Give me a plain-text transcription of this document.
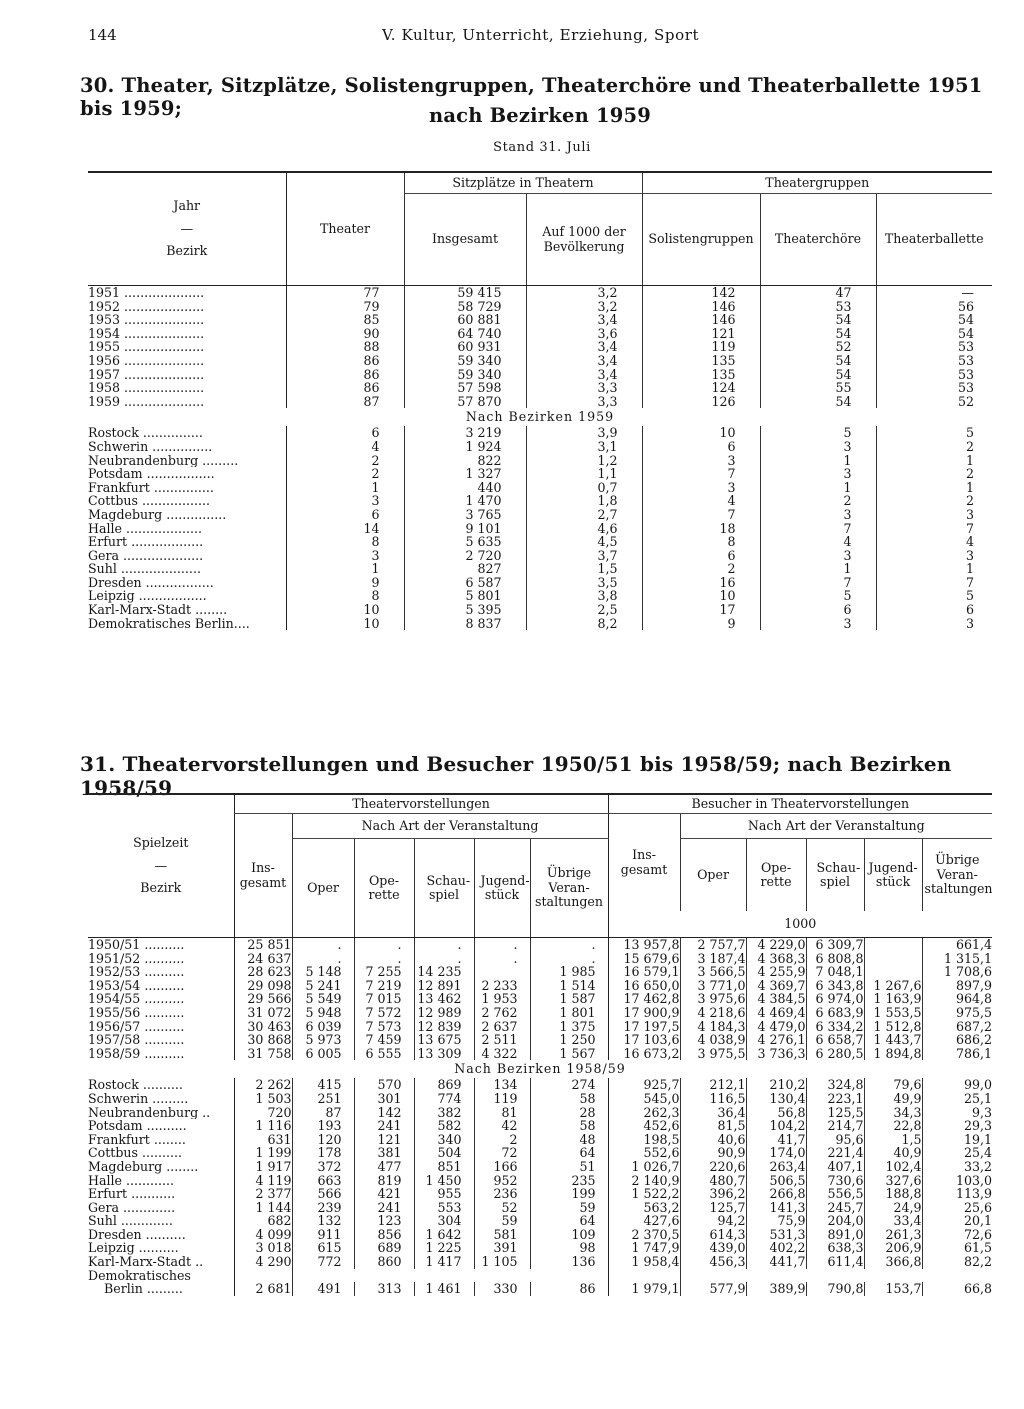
144	V. Kultur, Unterricht, Erziehung, Sport
30. Theater, Sitzplätze, Solistengruppen, Theaterchöre und Theaterballette 1951 bis 1959;	nach Bezirken 1959
Stand 31. Juli
Jahr
—
Bezirk	Theater	Sitzplätze in Theatern		Theatergruppen		
		Insgesamt	Auf 1000 der Bevölkerung	Solistengruppen	Theaterchöre	Theaterballette
1951 ....................	77	59 415	3,2	142	47	—
1952 ....................	79	58 729	3,2	146	53	56
1953 ....................	85	60 881	3,4	146	54	54
1954 ....................	90	64 740	3,6	121	54	54
1955 ....................	88	60 931	3,4	119	52	53
1956 ....................	86	59 340	3,4	135	54	53
1957 ....................	86	59 340	3,4	135	54	53
1958 ....................	86	57 598	3,3	124	55	53
1959 ....................	87	57 870	3,3	126	54	52
Nach Bezirken 1959						
Rostock ...............	6	3 219	3,9	10	5	5
Schwerin ...............	4	1 924	3,1	6	3	2
Neubrandenburg .........	2	822	1,2	3	1	1
Potsdam .................	2	1 327	1,1	7	3	2
Frankfurt ...............	1	440	0,7	3	1	1
Cottbus .................	3	1 470	1,8	4	2	2
Magdeburg ...............	6	3 765	2,7	7	3	3
Halle ...................	14	9 101	4,6	18	7	7
Erfurt ..................	8	5 635	4,5	8	4	4
Gera ....................	3	2 720	3,7	6	3	3
Suhl ....................	1	827	1,5	2	1	1
Dresden .................	9	6 587	3,5	16	7	7
Leipzig .................	8	5 801	3,8	10	5	5
Karl-Marx-Stadt ........	10	5 395	2,5	17	6	6
Demokratisches Berlin....	10	8 837	8,2	9	3	3
31. Theatervorstellungen und Besucher 1950/51 bis 1958/59; nach Bezirken 1958/59
Spielzeit
—
Bezirk	Theatervorstellungen						Besucher in Theatervorstellungen					
	Ins-gesamt	Nach Art der Veranstaltung					Ins-gesamt	Nach Art der Veranstaltung				
		Oper	Ope-rette	Schau-spiel	Jugend-stück	Übrige Veran-staltungen		Oper	Ope-rette	Schau-spiel	Jugend-stück	Übrige Veran-staltungen
							1000					
1950/51 ..........	25 851	.	.	.	.	.	13 957,8	2 757,7	4 229,0	6 309,7		661,4
1951/52 ..........	24 637	.	.	.	.	.	15 679,6	3 187,4	4 368,3	6 808,8		1 315,1
1952/53 ..........	28 623	5 148	7 255	14 235		1 985	16 579,1	3 566,5	4 255,9	7 048,1		1 708,6
1953/54 ..........	29 098	5 241	7 219	12 891	2 233	1 514	16 650,0	3 771,0	4 369,7	6 343,8	1 267,6	897,9
1954/55 ..........	29 566	5 549	7 015	13 462	1 953	1 587	17 462,8	3 975,6	4 384,5	6 974,0	1 163,9	964,8
1955/56 ..........	31 072	5 948	7 572	12 989	2 762	1 801	17 900,9	4 218,6	4 469,4	6 683,9	1 553,5	975,5
1956/57 ..........	30 463	6 039	7 573	12 839	2 637	1 375	17 197,5	4 184,3	4 479,0	6 334,2	1 512,8	687,2
1957/58 ..........	30 868	5 973	7 459	13 675	2 511	1 250	17 103,6	4 038,9	4 276,1	6 658,7	1 443,7	686,2
1958/59 ..........	31 758	6 005	6 555	13 309	4 322	1 567	16 673,2	3 975,5	3 736,3	6 280,5	1 894,8	786,1
Nach Bezirken 1958/59												
Rostock ..........	2 262	415	570	869	134	274	925,7	212,1	210,2	324,8	79,6	99,0
Schwerin .........	1 503	251	301	774	119	58	545,0	116,5	130,4	223,1	49,9	25,1
Neubrandenburg ..	720	87	142	382	81	28	262,3	36,4	56,8	125,5	34,3	9,3
Potsdam ..........	1 116	193	241	582	42	58	452,6	81,5	104,2	214,7	22,8	29,3
Frankfurt ........	631	120	121	340	2	48	198,5	40,6	41,7	95,6	1,5	19,1
Cottbus ..........	1 199	178	381	504	72	64	552,6	90,9	174,0	221,4	40,9	25,4
Magdeburg ........	1 917	372	477	851	166	51	1 026,7	220,6	263,4	407,1	102,4	33,2
Halle ............	4 119	663	819	1 450	952	235	2 140,9	480,7	506,5	730,6	327,6	103,0
Erfurt ...........	2 377	566	421	955	236	199	1 522,2	396,2	266,8	556,5	188,8	113,9
Gera .............	1 144	239	241	553	52	59	563,2	125,7	141,3	245,7	24,9	25,6
Suhl .............	682	132	123	304	59	64	427,6	94,2	75,9	204,0	33,4	20,1
Dresden ..........	4 099	911	856	1 642	581	109	2 370,5	614,3	531,3	891,0	261,3	72,6
Leipzig ..........	3 018	615	689	1 225	391	98	1 747,9	439,0	402,2	638,3	206,9	61,5
Karl-Marx-Stadt ..	4 290	772	860	1 417	1 105	136	1 958,4	456,3	441,7	611,4	366,8	82,2
Demokratisches												
Berlin .........	2 681	491	313	1 461	330	86	1 979,1	577,9	389,9	790,8	153,7	66,8
